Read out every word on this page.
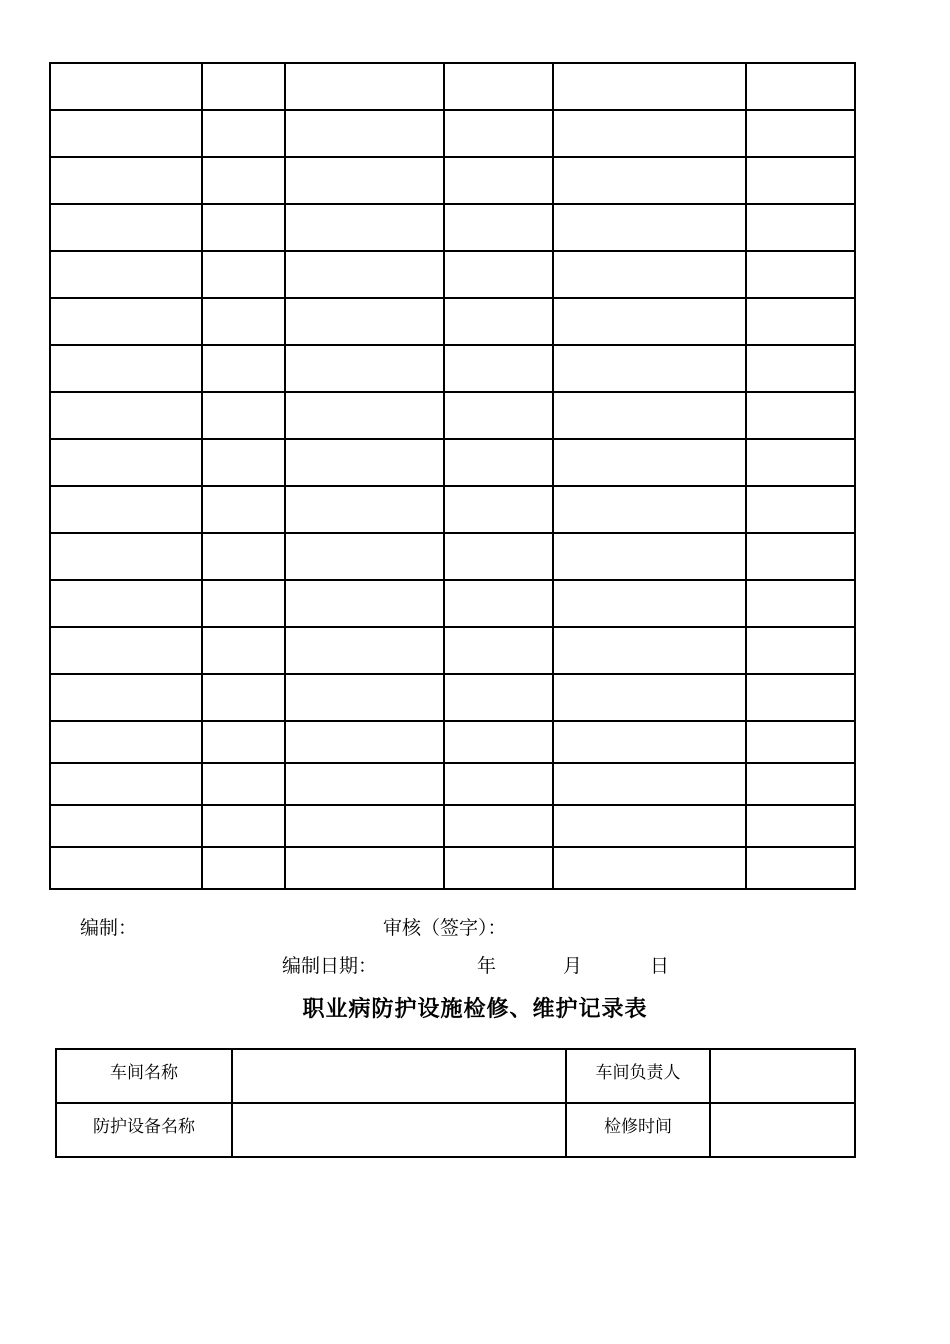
编制：	审核（签字）：
编制日期：	年	月	日
职业病防护设施检修、维护记录表
车间名称		车间负责人	
防护设备名称		检修时间	
